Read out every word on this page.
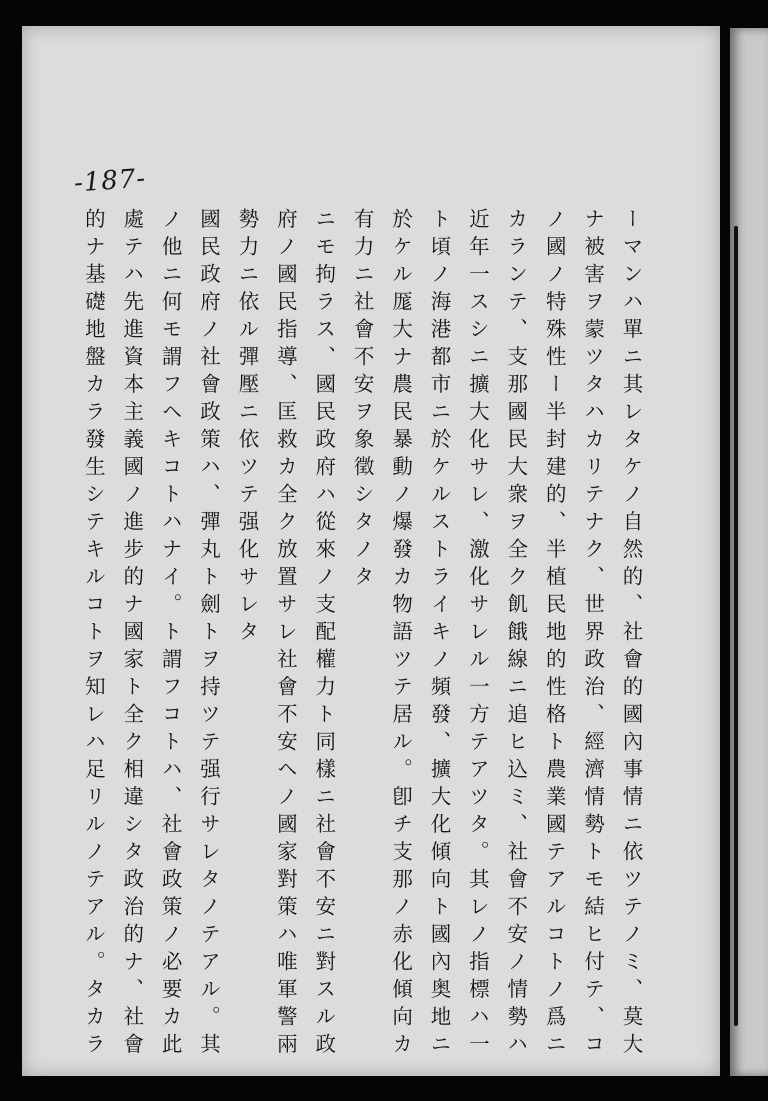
-187-

ーマンハ單ニ其レタケノ自然的、社會的國內事情ニ依ツテノミ、莫大

ナ被害ヲ蒙ツタハカリテナク、世界政治、經濟情勢トモ結ヒ付テ、コ

ノ國ノ特殊性ー半封建的、半植民地的性格ト農業國テアルコトノ爲ニ

カランテ、支那國民大衆ヲ全ク飢餓線ニ追ヒ込ミ、社會不安ノ情勢ハ

近年一スシニ擴大化サレ、激化サレル一方テアツタ。其レノ指標ハ一

ト頃ノ海港都市ニ於ケルストライキノ頻發、擴大化傾向ト國內奥地ニ

於ケル厖大ナ農民暴動ノ爆發カ物語ツテ居ル。卽チ支那ノ赤化傾向カ

有力ニ社會不安ヲ象徵シタノタ

ニモ拘ラス、國民政府ハ從來ノ支配權力ト同樣ニ社會不安ニ對スル政

府ノ國民指導、匡救カ全ク放置サレ社會不安ヘノ國家對策ハ唯軍警兩

勢力ニ依ル彈壓ニ依ツテ强化サレタ

國民政府ノ社會政策ハ、彈丸ト劍トヲ持ツテ强行サレタノテアル。其

ノ他ニ何モ謂フヘキコトハナイ。ト謂フコトハ、社會政策ノ必要カ此

處テハ先進資本主義國ノ進步的ナ國家ト全ク相違シタ政治的ナ、社會

的ナ基礎地盤カラ發生シテキルコトヲ知レハ足リルノテアル。タカラ
